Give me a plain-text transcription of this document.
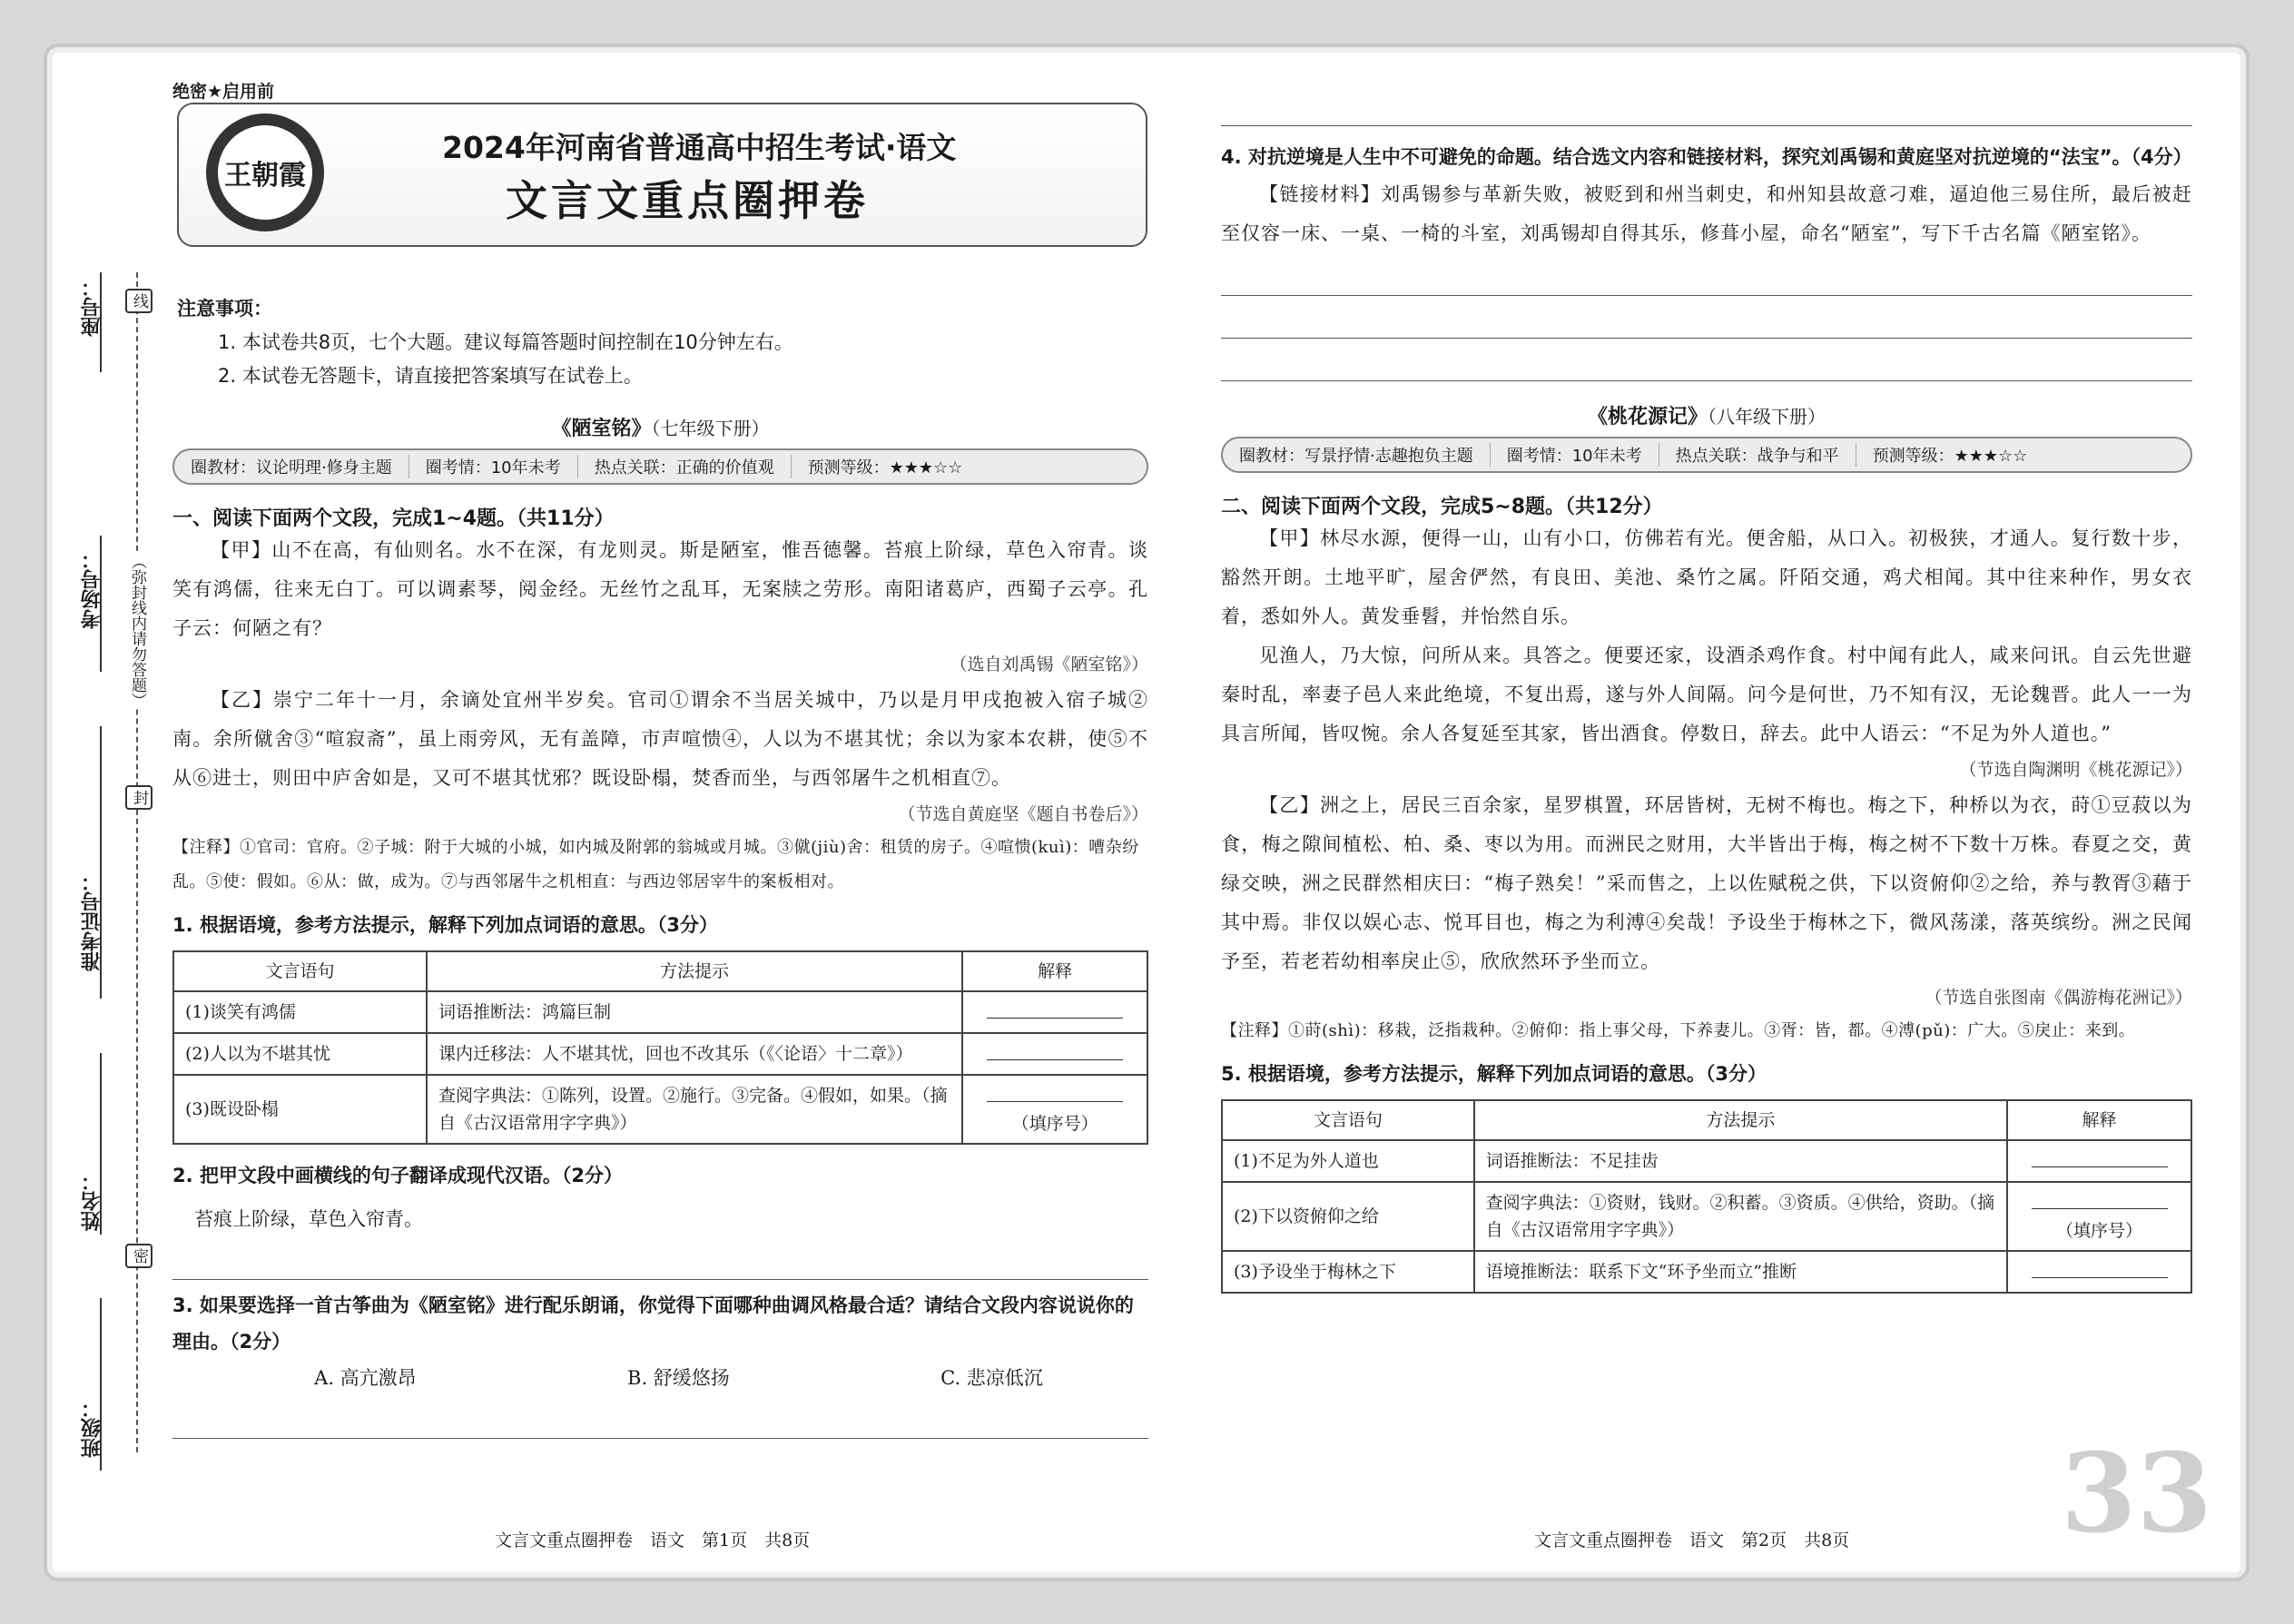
座号：
考场号：
准考证号：
姓名：
班级：
线
封
密
（弥封线内请勿答题）
绝密★启用前
王朝霞
2024年河南省普通高中招生考试·语文
文言文重点圈押卷
注意事项：
1. 本试卷共8页，七个大题。建议每篇答题时间控制在10分钟左右。
2. 本试卷无答题卡，请直接把答案填写在试卷上。
《陋室铭》（七年级下册）
圈教材：议论明理·修身主题	圈考情：10年未考	热点关联：正确的价值观	预测等级：★★★☆☆
一、阅读下面两个文段，完成1~4题。（共11分）
【甲】山不在高，有仙则名。水不在深，有龙则灵。斯是陋室，惟吾德馨。苔痕上阶绿，草色入帘青。谈笑有鸿儒，往来无白丁。可以调素琴，阅金经。无丝竹之乱耳，无案牍之劳形。南阳诸葛庐，西蜀子云亭。孔子云：何陋之有？
（选自刘禹锡《陋室铭》）
【乙】崇宁二年十一月，余谪处宜州半岁矣。官司①谓余不当居关城中，乃以是月甲戌抱被入宿子城②南。余所僦舍③“喧寂斋”，虽上雨旁风，无有盖障，市声喧愦④，人以为不堪其忧；余以为家本农耕，使⑤不从⑥进士，则田中庐舍如是，又可不堪其忧邪？既设卧榻，焚香而坐，与西邻屠牛之机相直⑦。
（节选自黄庭坚《题自书卷后》）
【注释】①官司：官府。②子城：附于大城的小城，如内城及附郭的翁城或月城。③僦(jiù)舍：租赁的房子。④喧愦(kuì)：嘈杂纷乱。⑤使：假如。⑥从：做，成为。⑦与西邻屠牛之机相直：与西边邻居宰牛的案板相对。
1. 根据语境，参考方法提示，解释下列加点词语的意思。（3分）
文言语句	方法提示	解释
(1)谈笑有鸿儒	词语推断法：鸿篇巨制	
(2)人以为不堪其忧	课内迁移法：人不堪其忧，回也不改其乐（《〈论语〉十二章》）	
(3)既设卧榻	查阅字典法：①陈列，设置。②施行。③完备。④假如，如果。（摘自《古汉语常用字字典》）	（填序号）
2. 把甲文段中画横线的句子翻译成现代汉语。（2分）
苔痕上阶绿，草色入帘青。
3. 如果要选择一首古筝曲为《陋室铭》进行配乐朗诵，你觉得下面哪种曲调风格最合适？请结合文段内容说说你的理由。（2分）
A. 高亢激昂	B. 舒缓悠扬	C. 悲凉低沉
4. 对抗逆境是人生中不可避免的命题。结合选文内容和链接材料，探究刘禹锡和黄庭坚对抗逆境的“法宝”。（4分）
【链接材料】刘禹锡参与革新失败，被贬到和州当刺史，和州知县故意刁难，逼迫他三易住所，最后被赶至仅容一床、一桌、一椅的斗室，刘禹锡却自得其乐，修葺小屋，命名“陋室”，写下千古名篇《陋室铭》。
《桃花源记》（八年级下册）
圈教材：写景抒情·志趣抱负主题	圈考情：10年未考	热点关联：战争与和平	预测等级：★★★☆☆
二、阅读下面两个文段，完成5~8题。（共12分）
【甲】林尽水源，便得一山，山有小口，仿佛若有光。便舍船，从口入。初极狭，才通人。复行数十步，豁然开朗。土地平旷，屋舍俨然，有良田、美池、桑竹之属。阡陌交通，鸡犬相闻。其中往来种作，男女衣着，悉如外人。黄发垂髫，并怡然自乐。
见渔人，乃大惊，问所从来。具答之。便要还家，设酒杀鸡作食。村中闻有此人，咸来问讯。自云先世避秦时乱，率妻子邑人来此绝境，不复出焉，遂与外人间隔。问今是何世，乃不知有汉，无论魏晋。此人一一为具言所闻，皆叹惋。余人各复延至其家，皆出酒食。停数日，辞去。此中人语云：“不足为外人道也。”
（节选自陶渊明《桃花源记》）
【乙】洲之上，居民三百余家，星罗棋置，环居皆树，无树不梅也。梅之下，种桥以为衣，莳①豆菽以为食，梅之隙间植松、柏、桑、枣以为用。而洲民之财用，大半皆出于梅，梅之树不下数十万株。春夏之交，黄绿交映，洲之民群然相庆曰：“梅子熟矣！”采而售之，上以佐赋税之供，下以资俯仰②之给，养与教胥③藉于其中焉。非仅以娱心志、悦耳目也，梅之为利溥④矣哉！予设坐于梅林之下，微风荡漾，落英缤纷。洲之民闻予至，若老若幼相率戾止⑤，欣欣然环予坐而立。
（节选自张图南《偶游梅花洲记》）
【注释】①莳(shì)：移栽，泛指栽种。②俯仰：指上事父母，下养妻儿。③胥：皆，都。④溥(pǔ)：广大。⑤戾止：来到。
5. 根据语境，参考方法提示，解释下列加点词语的意思。（3分）
文言语句	方法提示	解释
(1)不足为外人道也	词语推断法：不足挂齿	
(2)下以资俯仰之给	查阅字典法：①资财，钱财。②积蓄。③资质。④供给，资助。（摘自《古汉语常用字字典》）	（填序号）
(3)予设坐于梅林之下	语境推断法：联系下文“环予坐而立”推断	
33
文言文重点圈押卷　语文　第1页　共8页	文言文重点圈押卷　语文　第2页　共8页
